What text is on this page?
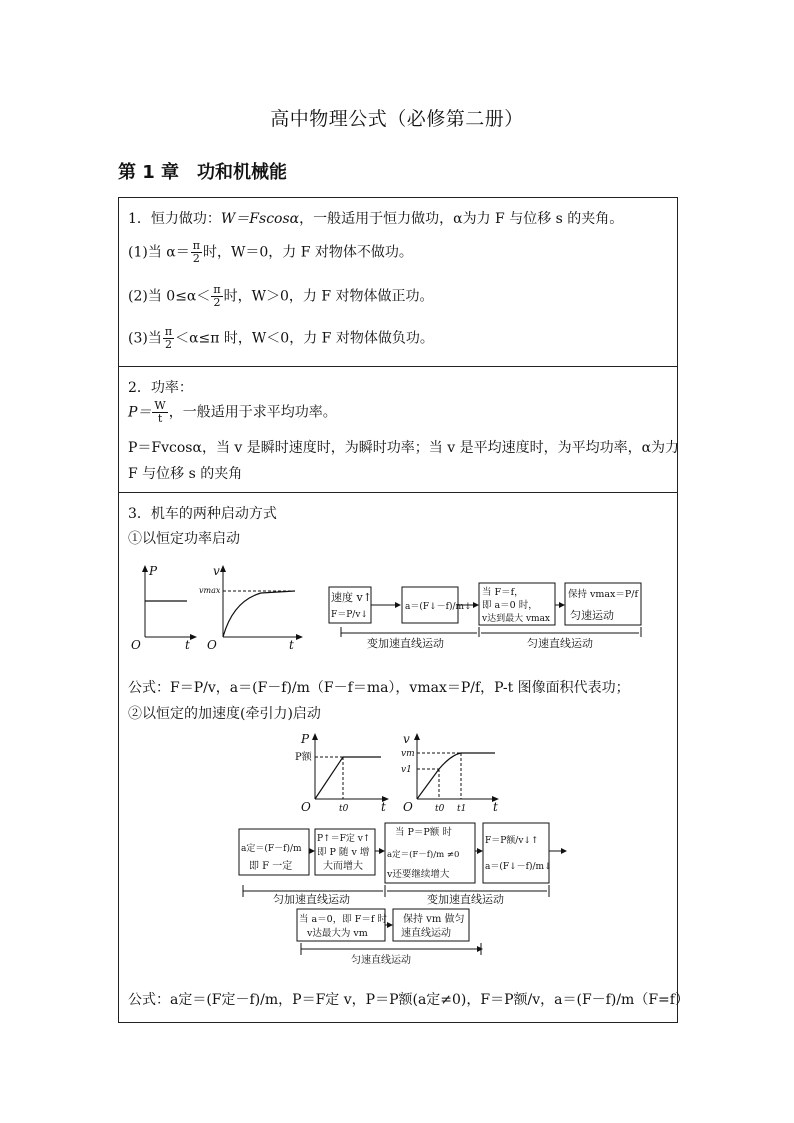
高中物理公式（必修第二册）
第 1 章　功和机械能
1．恒力做功：W＝Fscosα，一般适用于恒力做功，α为力 F 与位移 s 的夹角。
(1)当 $\alpha= \frac{\pi}{2}$ 时，W＝0，力 F 对物体不做功。
(2)当 $0\le\alpha< \frac{\pi}{2}$ 时，W＞0，力 F 对物体做正功。
(3)当 $\frac{\pi}{2} <\alpha\le\pi$ 时，W＜0，力 F 对物体做负功。
2．功率：
$P= \frac{W}{t}$ ，一般适用于求平均功率。
P＝Fvcosα，当 v 是瞬时速度时，为瞬时功率；当 v 是平均速度时，为平均功率，α为力
F 与位移 s 的夹角
3．机车的两种启动方式
①以恒定功率启动
P
t
O
v
t
O
vmax
速度 v↑
F＝P/v↓
a＝(F↓－f)/m↓
当 F＝f，
即 a＝0 时，
v达到最大 vmax
保持 vmax＝P/f
匀速运动
变加速直线运动	匀速直线运动
公式：F＝P/v，a＝(F－f)/m（F－f＝ma），vmax＝P/f，P-t 图像面积代表功；
②以恒定的加速度(牵引力)启动
P
P额
t
O	t0
v
vm
v1
t
O t0 t1
a定＝(F－f)/m
即 F 一定
P↑＝F定 v↑
即 P 随 v 增
大而增大
当 P＝P额 时
a定＝(F－f)/m ≠0
v还要继续增大
F＝P额/v↓↑
a＝(F↓－f)/m↓
匀加速直线运动	变加速直线运动
当 a＝0，即 F＝f 时
v达最大为 vm
保持 vm 做匀
速直线运动
匀速直线运动
公式：a定＝(F定－f)/m，P＝F定 v，P＝P额(a定≠0)，F＝P额/v，a＝(F－f)/m（F=f）
